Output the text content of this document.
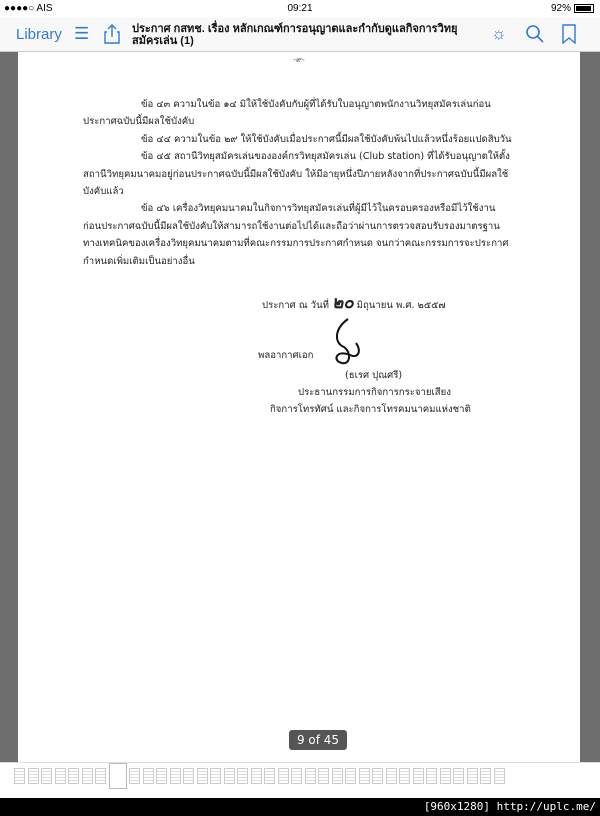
●●●●○ AIS	09:21	92%
Library ☰	ประกาศ กสทช. เรื่อง หลักเกณฑ์การอนุญาตและกำกับดูแลกิจการวิทยุสมัครเล่น (1)	☼
-๙-

ข้อ ๔๓ ความในข้อ ๑๔ มิให้ใช้บังคับกับผู้ที่ได้รับใบอนุญาตพนักงานวิทยุสมัครเล่นก่อนประกาศฉบับนี้มีผลใช้บังคับ

ข้อ ๔๔ ความในข้อ ๒๙ ให้ใช้บังคับเมื่อประกาศนี้มีผลใช้บังคับพ้นไปแล้วหนึ่งร้อยแปดสิบวัน

ข้อ ๔๕ สถานีวิทยุสมัครเล่นขององค์กรวิทยุสมัครเล่น (Club station) ที่ได้รับอนุญาตให้ตั้งสถานีวิทยุคมนาคมอยู่ก่อนประกาศฉบับนี้มีผลใช้บังคับ ให้มีอายุหนึ่งปีภายหลังจากที่ประกาศฉบับนี้มีผลใช้บังคับแล้ว

ข้อ ๔๖ เครื่องวิทยุคมนาคมในกิจการวิทยุสมัครเล่นที่ผู้มีไว้ในครอบครองหรือมีไว้ใช้งานก่อนประกาศฉบับนี้มีผลใช้บังคับให้สามารถใช้งานต่อไปได้และถือว่าผ่านการตรวจสอบรับรองมาตรฐานทางเทคนิคของเครื่องวิทยุคมนาคมตามที่คณะกรรมการประกาศกำหนด จนกว่าคณะกรรมการจะประกาศกำหนดเพิ่มเติมเป็นอย่างอื่น

ประกาศ ณ วันที่ ๒๐ มิถุนายน พ.ศ. ๒๕๕๗
พลอากาศเอก
(ธเรศ ปุณศรี)
ประธานกรรมการกิจการกระจายเสียง
กิจการโทรทัศน์ และกิจการโทรคมนาคมแห่งชาติ
9 of 45
[960x1280] http://uplc.me/
